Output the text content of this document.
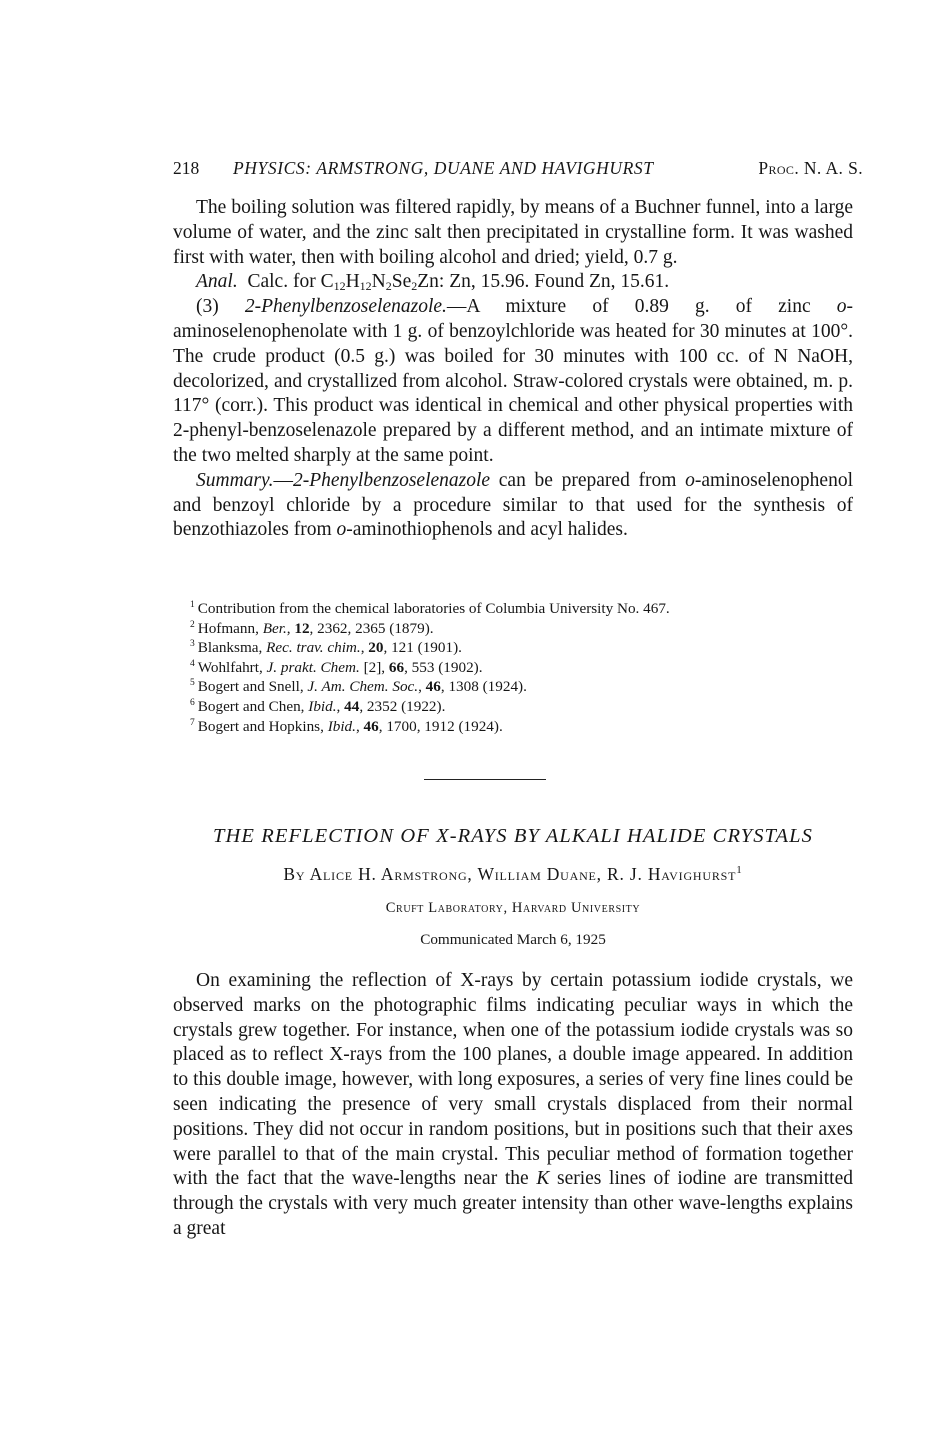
218 PHYSICS: ARMSTRONG, DUANE AND HAVIGHURST	Proc. N. A. S.

The boiling solution was filtered rapidly, by means of a Buchner funnel, into a large volume of water, and the zinc salt then precipitated in crystalline form. It was washed first with water, then with boiling alcohol and dried; yield, 0.7 g.

Anal. Calc. for $C_{12}H_{12}N_2Se_2Zn$: Zn, 15.96. Found Zn, 15.61.

(3) 2-Phenylbenzoselenazole.—A mixture of 0.89 g. of zinc o-aminoselenophenolate with 1 g. of benzoylchloride was heated for 30 minutes at 100°. The crude product (0.5 g.) was boiled for 30 minutes with 100 cc. of N NaOH, decolorized, and crystallized from alcohol. Straw-colored crystals were obtained, m. p. 117° (corr.). This product was identical in chemical and other physical properties with 2-phenyl-benzoselenazole prepared by a different method, and an intimate mixture of the two melted sharply at the same point.

Summary.—2-Phenylbenzoselenazole can be prepared from o-aminoselenophenol and benzoyl chloride by a procedure similar to that used for the synthesis of benzothiazoles from o-aminothiophenols and acyl halides.

$^1$ Contribution from the chemical laboratories of Columbia University No. 467.
$^2$ Hofmann, Ber., 12, 2362, 2365 (1879).
$^3$ Blanksma, Rec. trav. chim., 20, 121 (1901).
$^4$ Wohlfahrt, J. prakt. Chem. [2], 66, 553 (1902).
$^5$ Bogert and Snell, J. Am. Chem. Soc., 46, 1308 (1924).
$^6$ Bogert and Chen, Ibid., 44, 2352 (1922).
$^7$ Bogert and Hopkins, Ibid., 46, 1700, 1912 (1924).
THE REFLECTION OF X-RAYS BY ALKALI HALIDE CRYSTALS
By Alice H. Armstrong, William Duane, R. J. Havighurst$^1$
Cruft Laboratory, Harvard University
Communicated March 6, 1925

On examining the reflection of X-rays by certain potassium iodide crystals, we observed marks on the photographic films indicating peculiar ways in which the crystals grew together. For instance, when one of the potassium iodide crystals was so placed as to reflect X-rays from the 100 planes, a double image appeared. In addition to this double image, however, with long exposures, a series of very fine lines could be seen indicating the presence of very small crystals displaced from their normal positions. They did not occur in random positions, but in positions such that their axes were parallel to that of the main crystal. This peculiar method of formation together with the fact that the wave-lengths near the K series lines of iodine are transmitted through the crystals with very much greater intensity than other wave-lengths explains a great
